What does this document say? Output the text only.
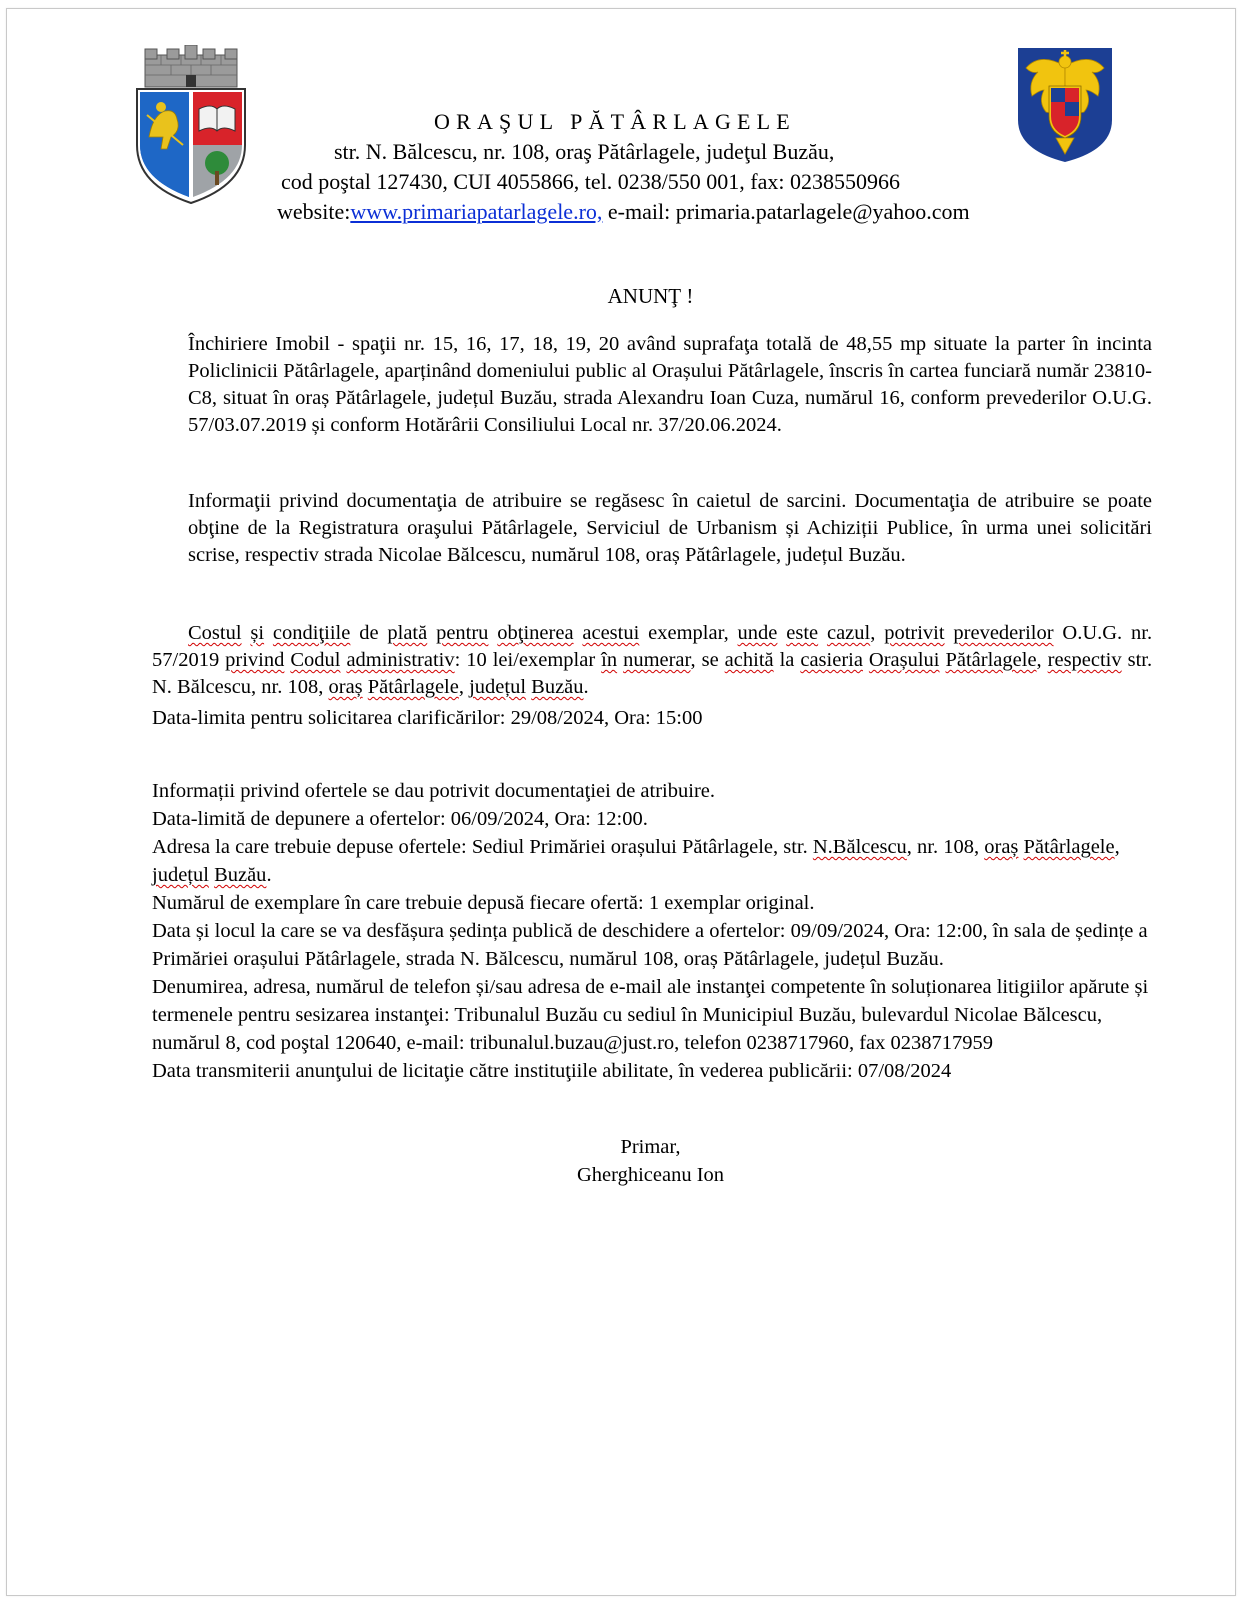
ORAŞUL PĂTÂRLAGELE
str. N. Bălcescu, nr. 108, oraş Pătârlagele, judeţul Buzău,
cod poştal 127430, CUI 4055866, tel. 0238/550 001, fax: 0238550966
website:www.primariapatarlagele.ro, e-mail: primaria.patarlagele@yahoo.com
ANUNŢ !
Închiriere Imobil - spaţii nr. 15, 16, 17, 18, 19, 20 având suprafaţa totală de 48,55 mp situate la parter în incinta Policlinicii Pătârlagele, aparținând domeniului public al Orașului Pătârlagele, înscris în cartea funciară număr 23810-C8, situat în oraș Pătârlagele, județul Buzău, strada Alexandru Ioan Cuza, numărul 16, conform prevederilor O.U.G. 57/03.07.2019 și conform Hotărârii Consiliului Local nr. 37/20.06.2024.
Informaţii privind documentaţia de atribuire se regăsesc în caietul de sarcini. Documentaţia de atribuire se poate obţine de la Registratura oraşului Pătârlagele, Serviciul de Urbanism și Achiziții Publice, în urma unei solicitări scrise, respectiv strada Nicolae Bălcescu, numărul 108, oraș Pătârlagele, județul Buzău.
Costul și condiţiile de plată pentru obţinerea acestui exemplar, unde este cazul, potrivit prevederilor O.U.G. nr. 57/2019 privind Codul administrativ: 10 lei/exemplar în numerar, se achită la casieria Orașului Pătârlagele, respectiv str. N. Bălcescu, nr. 108, oraș Pătârlagele, județul Buzău.
Data-limita pentru solicitarea clarificărilor: 29/08/2024, Ora: 15:00
Informații privind ofertele se dau potrivit documentaţiei de atribuire.
Data-limită de depunere a ofertelor: 06/09/2024, Ora: 12:00.
Adresa la care trebuie depuse ofertele: Sediul Primăriei orașului Pătârlagele, str. N.Bălcescu, nr. 108, oraș Pătârlagele, județul Buzău.
Numărul de exemplare în care trebuie depusă fiecare ofertă: 1 exemplar original.
Data și locul la care se va desfășura ședința publică de deschidere a ofertelor: 09/09/2024, Ora: 12:00, în sala de ședințe a Primăriei orașului Pătârlagele, strada N. Bălcescu, numărul 108, oraș Pătârlagele, județul Buzău.
Denumirea, adresa, numărul de telefon și/sau adresa de e-mail ale instanţei competente în soluționarea litigiilor apărute și termenele pentru sesizarea instanţei: Tribunalul Buzău cu sediul în Municipiul Buzău, bulevardul Nicolae Bălcescu, numărul 8, cod poştal 120640, e-mail: tribunalul.buzau@just.ro, telefon 0238717960, fax 0238717959
Data transmiterii anunţului de licitaţie către instituţiile abilitate, în vederea publicării: 07/08/2024
Primar,
Gherghiceanu Ion
